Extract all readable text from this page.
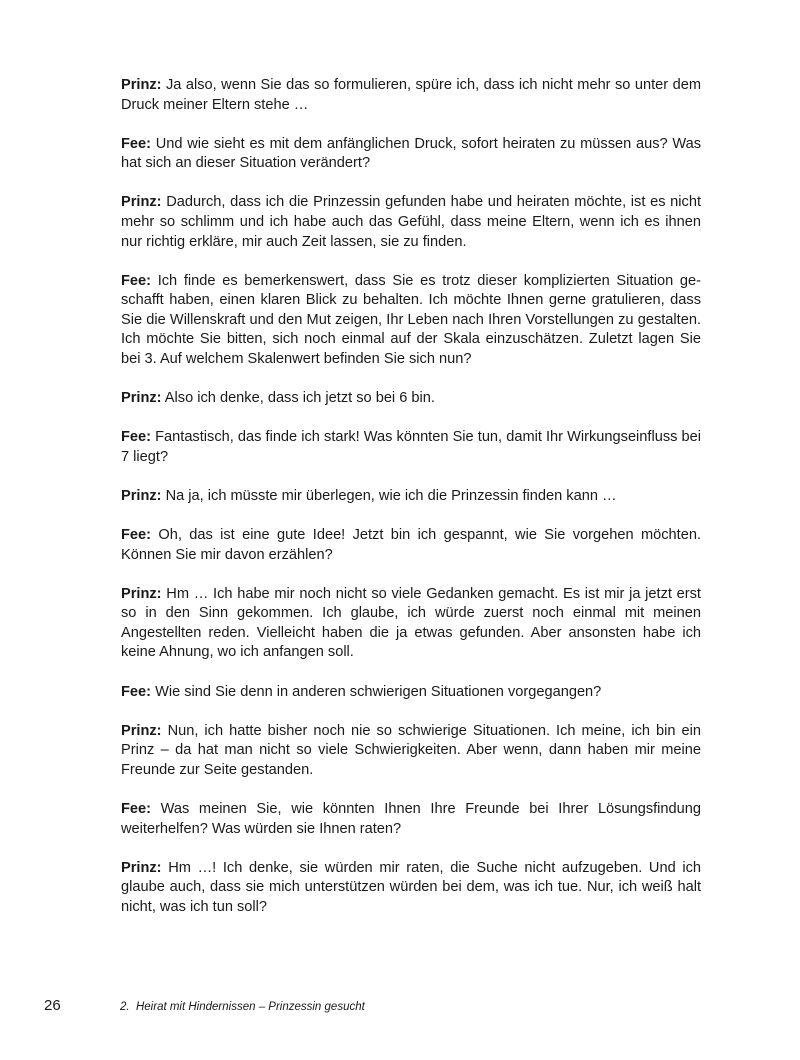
Prinz: Ja also, wenn Sie das so formulieren, spüre ich, dass ich nicht mehr so unter dem Druck meiner Eltern stehe …

Fee: Und wie sieht es mit dem anfänglichen Druck, sofort heiraten zu müssen aus? Was hat sich an dieser Situation verändert?

Prinz: Dadurch, dass ich die Prinzessin gefunden habe und heiraten möchte, ist es nicht mehr so schlimm und ich habe auch das Gefühl, dass meine Eltern, wenn ich es ihnen nur richtig erkläre, mir auch Zeit lassen, sie zu finden.

Fee: Ich finde es bemerkenswert, dass Sie es trotz dieser komplizierten Situation geschafft haben, einen klaren Blick zu behalten. Ich möchte Ihnen gerne gratulieren, dass Sie die Willenskraft und den Mut zeigen, Ihr Leben nach Ihren Vorstellungen zu gestalten. Ich möchte Sie bitten, sich noch einmal auf der Skala einzuschätzen. Zuletzt lagen Sie bei 3. Auf welchem Skalenwert befinden Sie sich nun?

Prinz: Also ich denke, dass ich jetzt so bei 6 bin.

Fee: Fantastisch, das finde ich stark! Was könnten Sie tun, damit Ihr Wirkungseinfluss bei 7 liegt?

Prinz: Na ja, ich müsste mir überlegen, wie ich die Prinzessin finden kann …

Fee: Oh, das ist eine gute Idee! Jetzt bin ich gespannt, wie Sie vorgehen möchten. Können Sie mir davon erzählen?

Prinz: Hm … Ich habe mir noch nicht so viele Gedanken gemacht. Es ist mir ja jetzt erst so in den Sinn gekommen. Ich glaube, ich würde zuerst noch einmal mit meinen Angestellten reden. Vielleicht haben die ja etwas gefunden. Aber ansonsten habe ich keine Ahnung, wo ich anfangen soll.

Fee: Wie sind Sie denn in anderen schwierigen Situationen vorgegangen?

Prinz: Nun, ich hatte bisher noch nie so schwierige Situationen. Ich meine, ich bin ein Prinz – da hat man nicht so viele Schwierigkeiten. Aber wenn, dann haben mir meine Freunde zur Seite gestanden.

Fee: Was meinen Sie, wie könnten Ihnen Ihre Freunde bei Ihrer Lösungsfindung weiterhelfen? Was würden sie Ihnen raten?

Prinz: Hm …! Ich denke, sie würden mir raten, die Suche nicht aufzugeben. Und ich glaube auch, dass sie mich unterstützen würden bei dem, was ich tue. Nur, ich weiß halt nicht, was ich tun soll?

26	2. Heirat mit Hindernissen – Prinzessin gesucht
